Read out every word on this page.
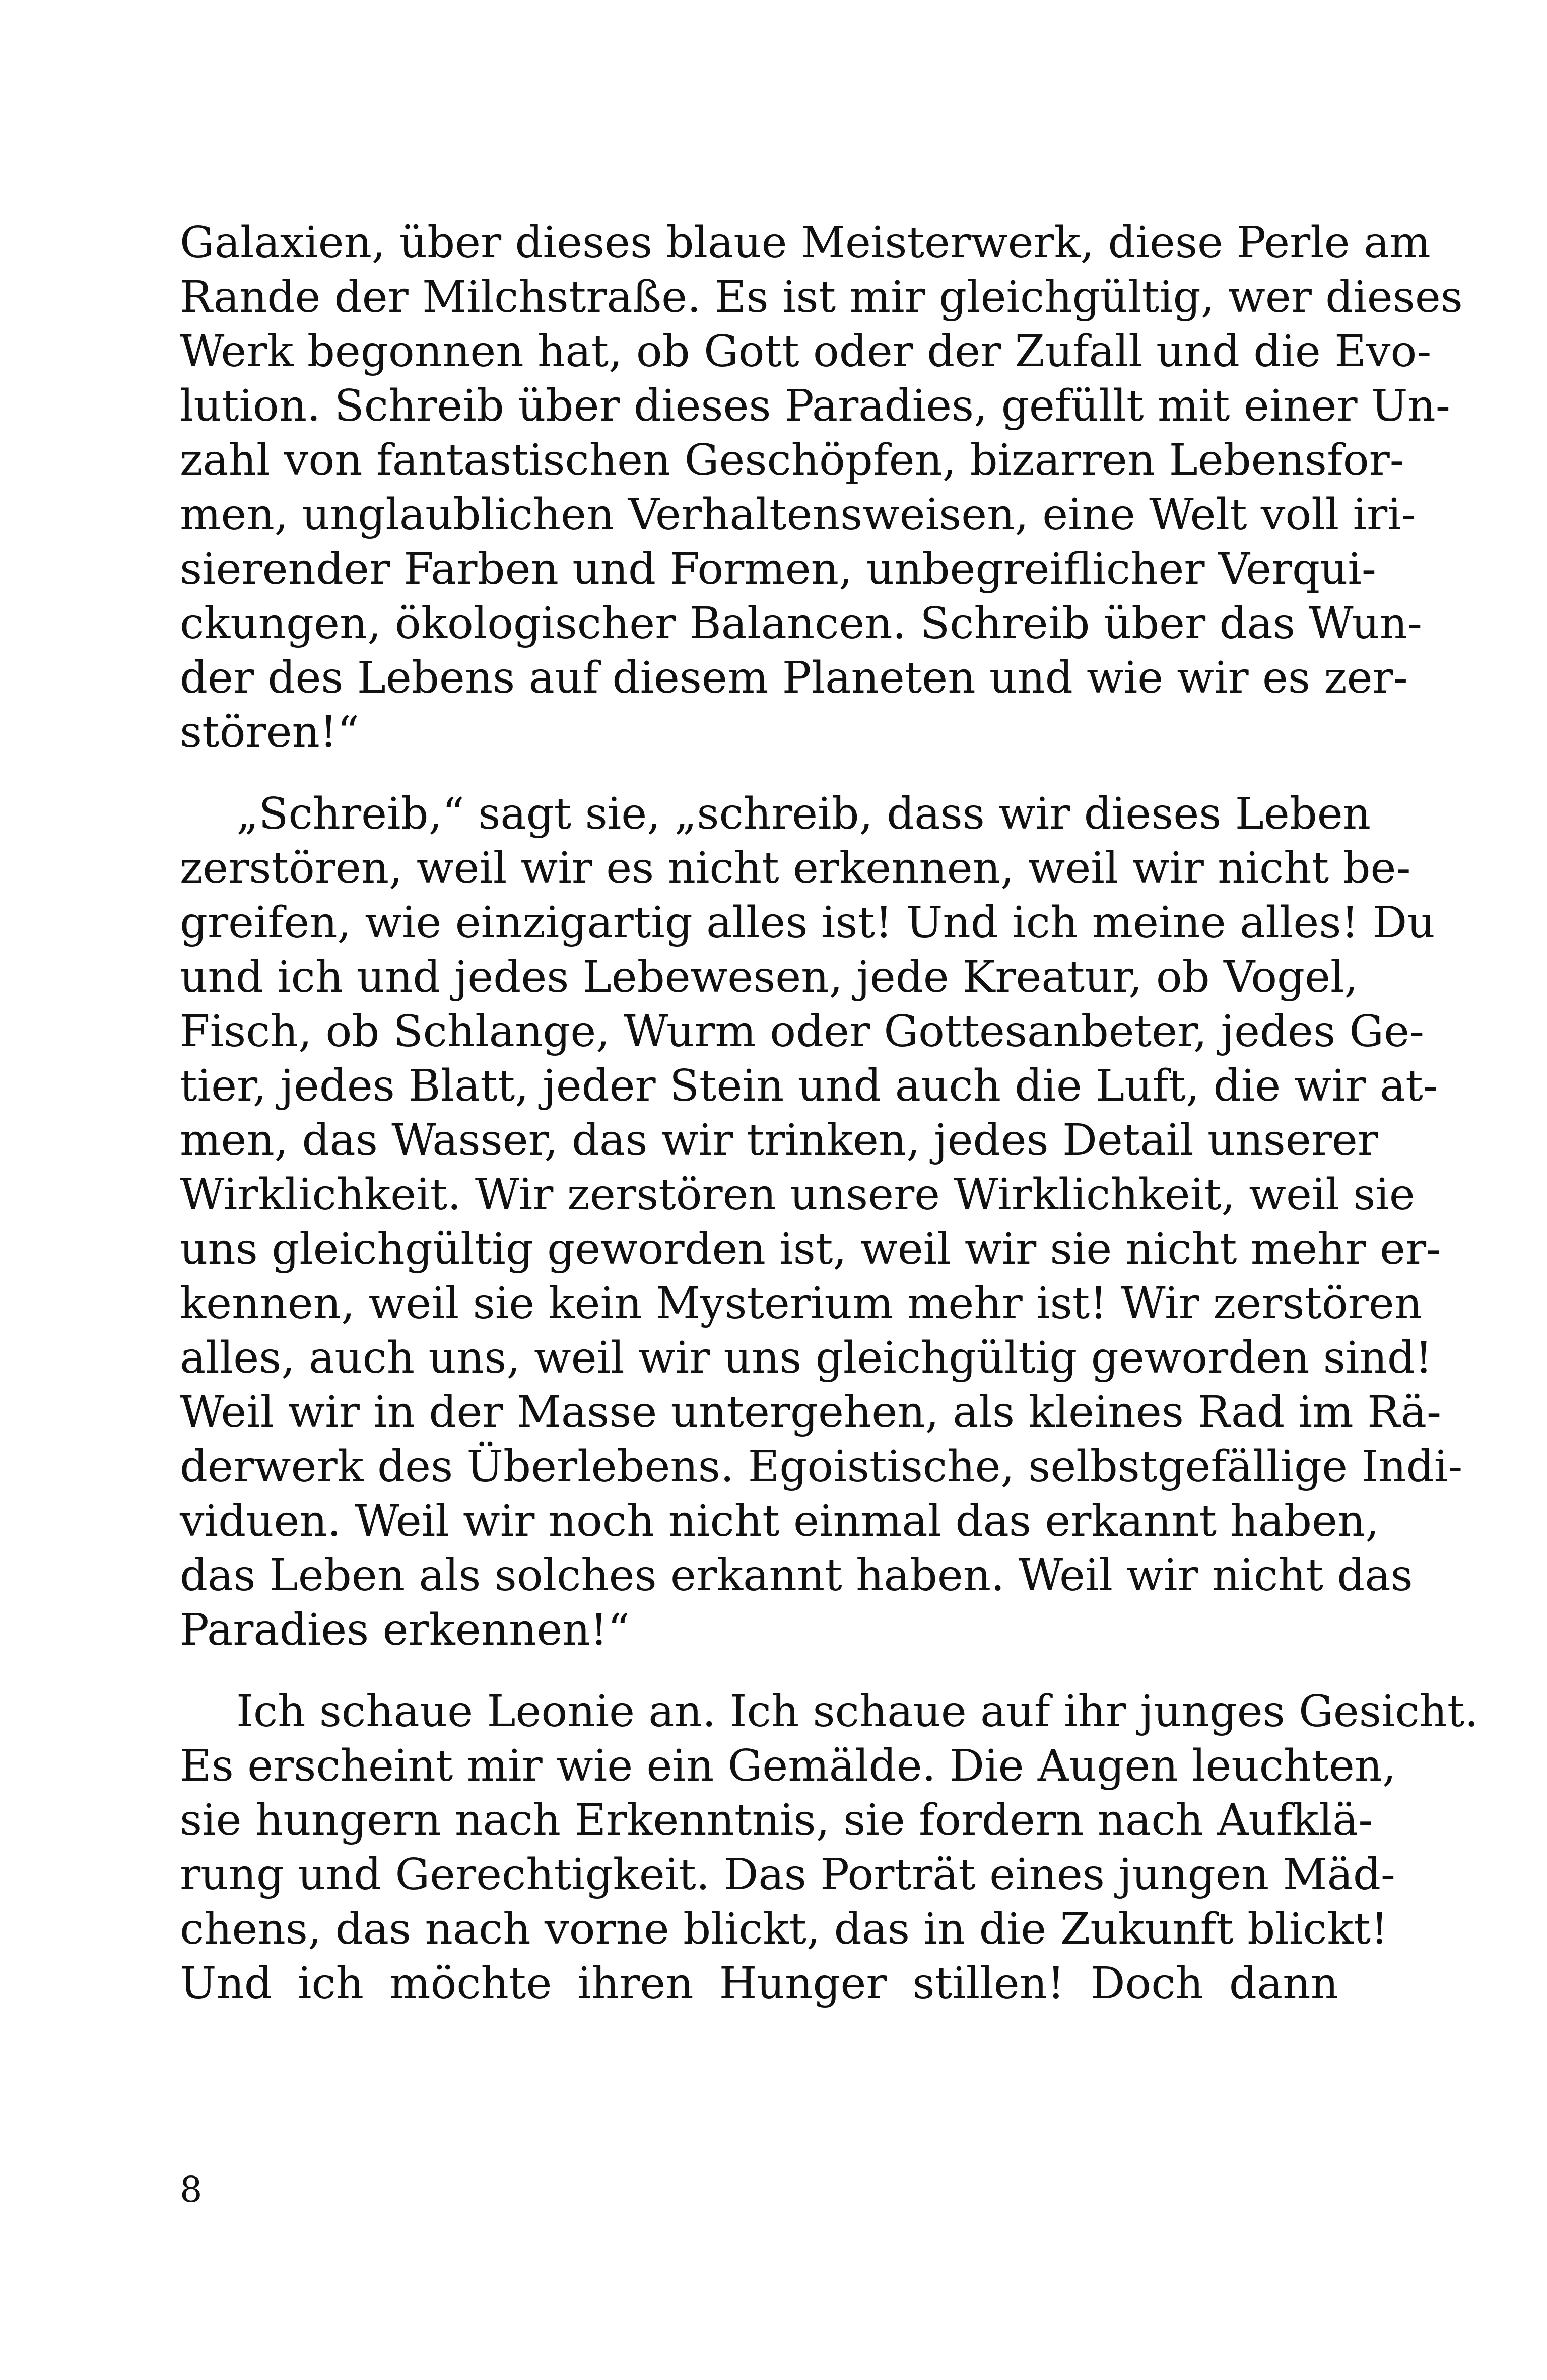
Galaxien, über dieses blaue Meisterwerk, diese Perle am
Rande der Milchstraße. Es ist mir gleichgültig, wer dieses
Werk begonnen hat, ob Gott oder der Zufall und die Evo-
lution. Schreib über dieses Paradies, gefüllt mit einer Un-
zahl von fantastischen Geschöpfen, bizarren Lebensfor-
men, unglaublichen Verhaltensweisen, eine Welt voll iri-
sierender Farben und Formen, unbegreiflicher Verqui-
ckungen, ökologischer Balancen. Schreib über das Wun-
der des Lebens auf diesem Planeten und wie wir es zer-
stören!“
„Schreib,“ sagt sie, „schreib, dass wir dieses Leben
zerstören, weil wir es nicht erkennen, weil wir nicht be-
greifen, wie einzigartig alles ist! Und ich meine alles! Du
und ich und jedes Lebewesen, jede Kreatur, ob Vogel,
Fisch, ob Schlange, Wurm oder Gottesanbeter, jedes Ge-
tier, jedes Blatt, jeder Stein und auch die Luft, die wir at-
men, das Wasser, das wir trinken, jedes Detail unserer
Wirklichkeit. Wir zerstören unsere Wirklichkeit, weil sie
uns gleichgültig geworden ist, weil wir sie nicht mehr er-
kennen, weil sie kein Mysterium mehr ist! Wir zerstören
alles, auch uns, weil wir uns gleichgültig geworden sind!
Weil wir in der Masse untergehen, als kleines Rad im Rä-
derwerk des Überlebens. Egoistische, selbstgefällige Indi-
viduen. Weil wir noch nicht einmal das erkannt haben,
das Leben als solches erkannt haben. Weil wir nicht das
Paradies erkennen!“
Ich schaue Leonie an. Ich schaue auf ihr junges Gesicht.
Es erscheint mir wie ein Gemälde. Die Augen leuchten,
sie hungern nach Erkenntnis, sie fordern nach Aufklä-
rung und Gerechtigkeit. Das Porträt eines jungen Mäd-
chens, das nach vorne blickt, das in die Zukunft blickt!
Und ich möchte ihren Hunger stillen! Doch dann
8
